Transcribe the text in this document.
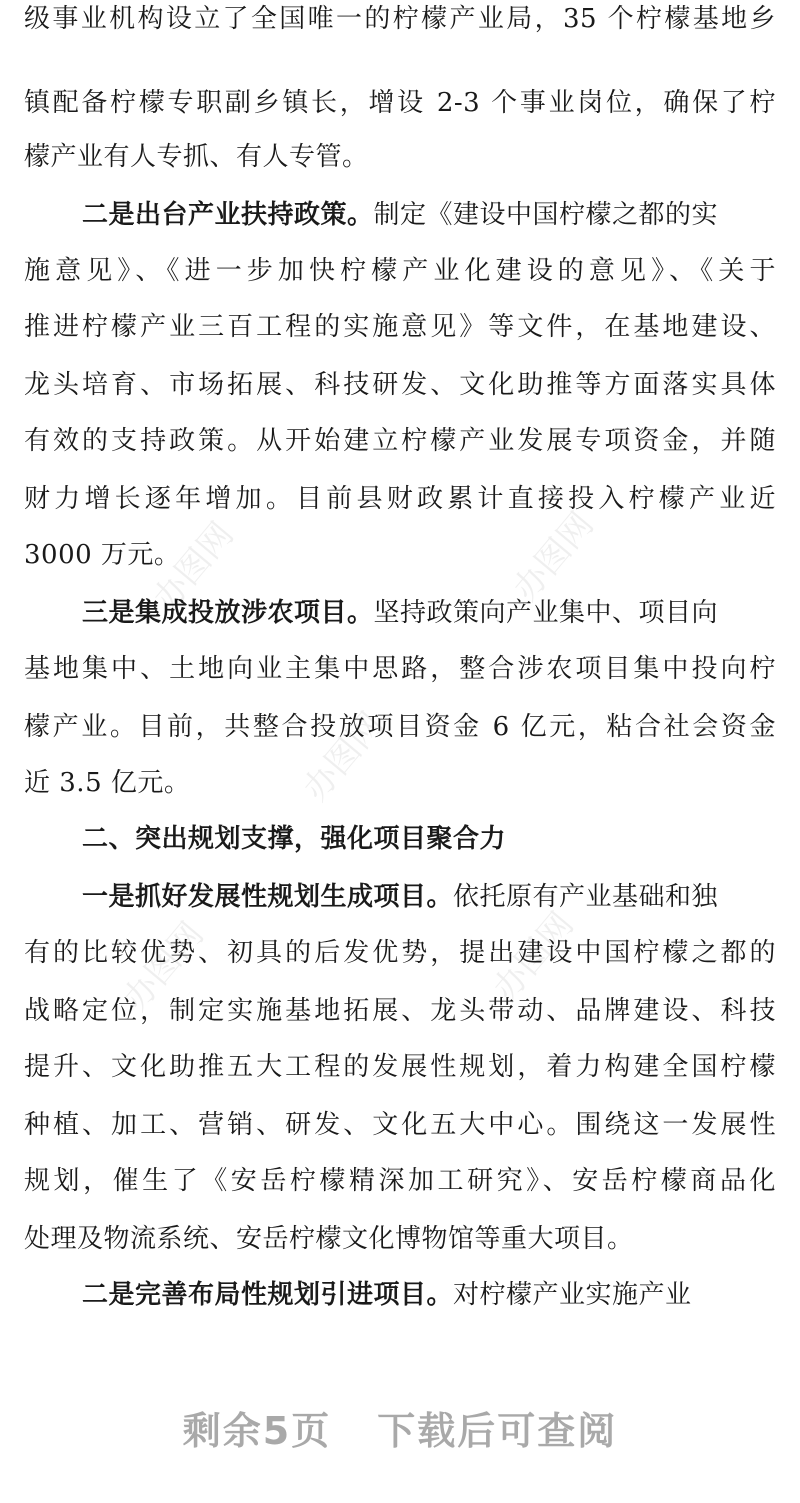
办图网	办图网
办图网
办图网	办图网
级事业机构设立了全国唯一的柠檬产业局，35 个柠檬基地乡
镇配备柠檬专职副乡镇长，增设 2-3 个事业岗位，确保了柠
檬产业有人专抓、有人专管。
二是出台产业扶持政策。制定《建设中国柠檬之都的实
施意见》、《进一步加快柠檬产业化建设的意见》、《关于
推进柠檬产业三百工程的实施意见》等文件，在基地建设、
龙头培育、市场拓展、科技研发、文化助推等方面落实具体
有效的支持政策。从开始建立柠檬产业发展专项资金，并随
财力增长逐年增加。目前县财政累计直接投入柠檬产业近
3000 万元。
三是集成投放涉农项目。坚持政策向产业集中、项目向
基地集中、土地向业主集中思路，整合涉农项目集中投向柠
檬产业。目前，共整合投放项目资金 6 亿元，粘合社会资金
近 3.5 亿元。
二、突出规划支撑，强化项目聚合力
一是抓好发展性规划生成项目。依托原有产业基础和独
有的比较优势、初具的后发优势，提出建设中国柠檬之都的
战略定位，制定实施基地拓展、龙头带动、品牌建设、科技
提升、文化助推五大工程的发展性规划，着力构建全国柠檬
种植、加工、营销、研发、文化五大中心。围绕这一发展性
规划，催生了《安岳柠檬精深加工研究》、安岳柠檬商品化
处理及物流系统、安岳柠檬文化博物馆等重大项目。
二是完善布局性规划引进项目。对柠檬产业实施产业
剩余5页 下载后可查阅
